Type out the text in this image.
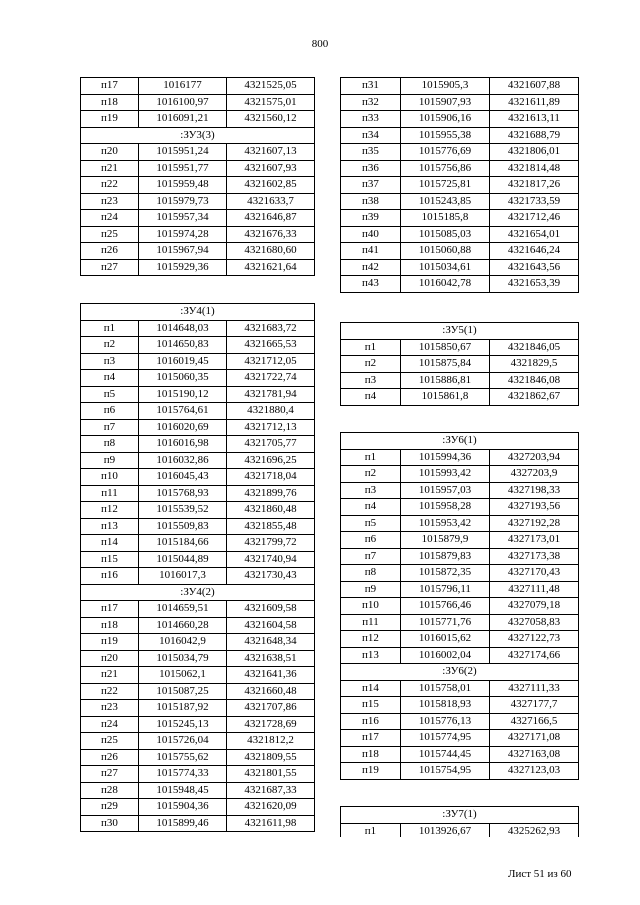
800
п17	1016177	4321525,05
п18	1016100,97	4321575,01
п19	1016091,21	4321560,12
:ЗУ3(3)		
п20	1015951,24	4321607,13
п21	1015951,77	4321607,93
п22	1015959,48	4321602,85
п23	1015979,73	4321633,7
п24	1015957,34	4321646,87
п25	1015974,28	4321676,33
п26	1015967,94	4321680,60
п27	1015929,36	4321621,64
:ЗУ4(1)		
п1	1014648,03	4321683,72
п2	1014650,83	4321665,53
п3	1016019,45	4321712,05
п4	1015060,35	4321722,74
п5	1015190,12	4321781,94
п6	1015764,61	4321880,4
п7	1016020,69	4321712,13
п8	1016016,98	4321705,77
п9	1016032,86	4321696,25
п10	1016045,43	4321718,04
п11	1015768,93	4321899,76
п12	1015539,52	4321860,48
п13	1015509,83	4321855,48
п14	1015184,66	4321799,72
п15	1015044,89	4321740,94
п16	1016017,3	4321730,43
:ЗУ4(2)		
п17	1014659,51	4321609,58
п18	1014660,28	4321604,58
п19	1016042,9	4321648,34
п20	1015034,79	4321638,51
п21	1015062,1	4321641,36
п22	1015087,25	4321660,48
п23	1015187,92	4321707,86
п24	1015245,13	4321728,69
п25	1015726,04	4321812,2
п26	1015755,62	4321809,55
п27	1015774,33	4321801,55
п28	1015948,45	4321687,33
п29	1015904,36	4321620,09
п30	1015899,46	4321611,98
п31	1015905,3	4321607,88
п32	1015907,93	4321611,89
п33	1015906,16	4321613,11
п34	1015955,38	4321688,79
п35	1015776,69	4321806,01
п36	1015756,86	4321814,48
п37	1015725,81	4321817,26
п38	1015243,85	4321733,59
п39	1015185,8	4321712,46
п40	1015085,03	4321654,01
п41	1015060,88	4321646,24
п42	1015034,61	4321643,56
п43	1016042,78	4321653,39
:ЗУ5(1)		
п1	1015850,67	4321846,05
п2	1015875,84	4321829,5
п3	1015886,81	4321846,08
п4	1015861,8	4321862,67
:ЗУ6(1)		
п1	1015994,36	4327203,94
п2	1015993,42	4327203,9
п3	1015957,03	4327198,33
п4	1015958,28	4327193,56
п5	1015953,42	4327192,28
п6	1015879,9	4327173,01
п7	1015879,83	4327173,38
п8	1015872,35	4327170,43
п9	1015796,11	4327111,48
п10	1015766,46	4327079,18
п11	1015771,76	4327058,83
п12	1016015,62	4327122,73
п13	1016002,04	4327174,66
:ЗУ6(2)		
п14	1015758,01	4327111,33
п15	1015818,93	4327177,7
п16	1015776,13	4327166,5
п17	1015774,95	4327171,08
п18	1015744,45	4327163,08
п19	1015754,95	4327123,03
:ЗУ7(1)
п1	1013926,67	4325262,93
Лист 51 из 60
